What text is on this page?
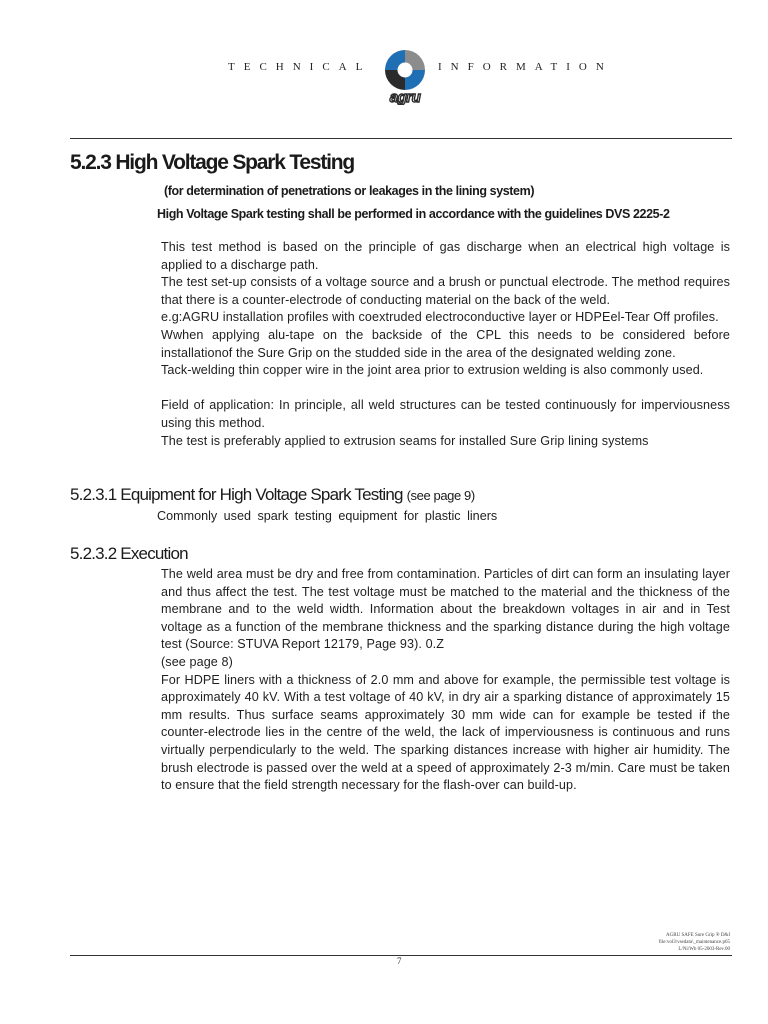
TECHNICAL	INFORMATION
agru
5.2.3 High Voltage Spark Testing
(for determination of penetrations or leakages in the lining system)
High Voltage Spark testing shall be performed in accordance with the guidelines DVS 2225-2

This test method is based on the principle of gas discharge when an electrical high voltage is applied to a discharge path.

The test set-up consists of a voltage source and a brush or punctual electrode. The method requires that there is a counter-electrode of conducting material on the back of the weld.

e.g:AGRU installation profiles with coextruded electroconductive layer or HDPEel-Tear Off profiles.

Wwhen applying alu-tape on the backside of the CPL this needs to be considered before installationof the Sure Grip on the studded side in the area of the designated welding zone.

Tack-welding thin copper wire in the joint area prior to extrusion welding is also commonly used.

Field of application: In principle, all weld structures can be tested continuously for imperviousness using this method.

The test is preferably applied to extrusion seams for installed Sure Grip lining systems

5.2.3.1 Equipment for High Voltage Spark Testing (see page 9)
Commonly used spark testing equipment for plastic liners
5.2.3.2 Execution

The weld area must be dry and free from contamination. Particles of dirt can form an insulating layer and thus affect the test. The test voltage must be matched to the material and the thickness of the membrane and to the weld width. Information about the breakdown voltages in air and in Test voltage as a function of the membrane thickness and the sparking distance during the high voltage test (Source: STUVA Report 12179, Page 93). 0.Z

(see page 8)

For HDPE liners with a thickness of 2.0 mm and above for example, the permissible test voltage is approximately 40 kV. With a test voltage of 40 kV, in dry air a sparking distance of approximately 15 mm results. Thus surface seams approximately 30 mm wide can for example be tested if the counter-electrode lies in the centre of the weld, the lack of imperviousness is continuous and runs virtually perpendicularly to the weld. The sparking distances increase with higher air humidity. The brush electrode is passed over the weld at a speed of approximately 2-3 m/min. Care must be taken to ensure that the field strength necessary for the flash-over can build-up.

AGRU SAFE Sure Grip ® D&I
file:vol3\vsedata\_maintenance.p65
L/Ni/Wb 05-2003-Rev.00
7
